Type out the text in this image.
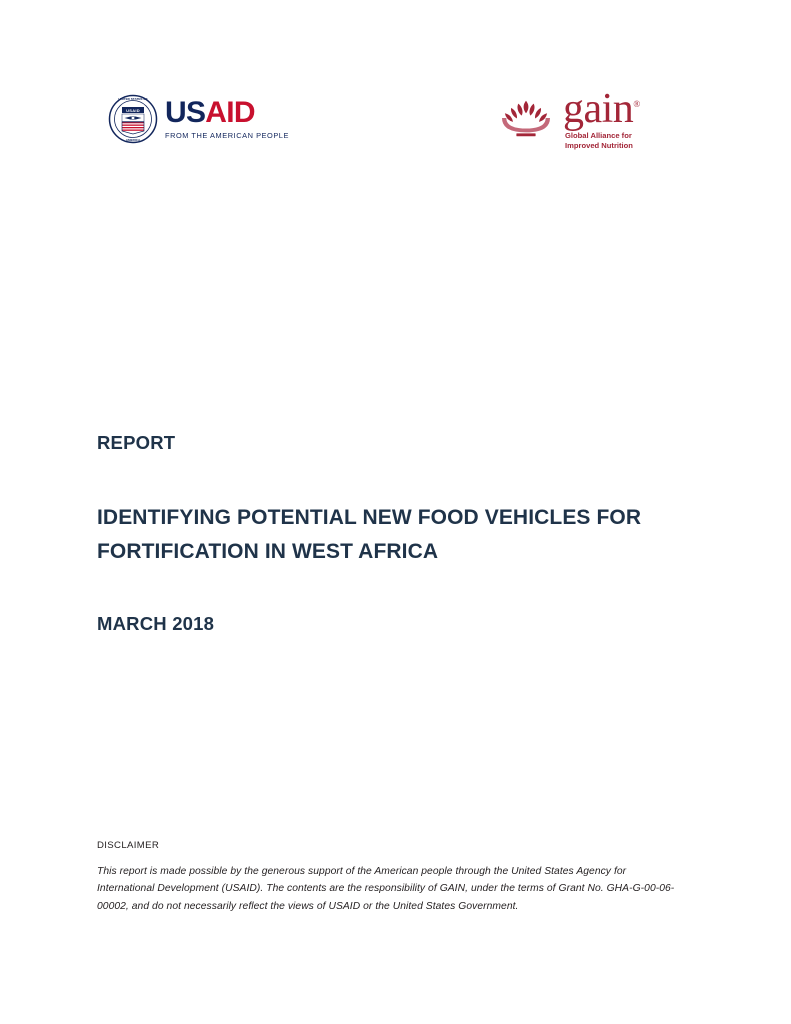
UNITED STATES OF
AMERICA
USAID USAID
FROM THE AMERICAN PEOPLE
gain®
Global Alliance for
Improved Nutrition
REPORT
IDENTIFYING POTENTIAL NEW FOOD VEHICLES FOR
FORTIFICATION IN WEST AFRICA
MARCH 2018
DISCLAIMER
This report is made possible by the generous support of the American people through the United States Agency for International Development (USAID). The contents are the responsibility of GAIN, under the terms of Grant No. GHA-G-00-06-00002, and do not necessarily reflect the views of USAID or the United States Government.
